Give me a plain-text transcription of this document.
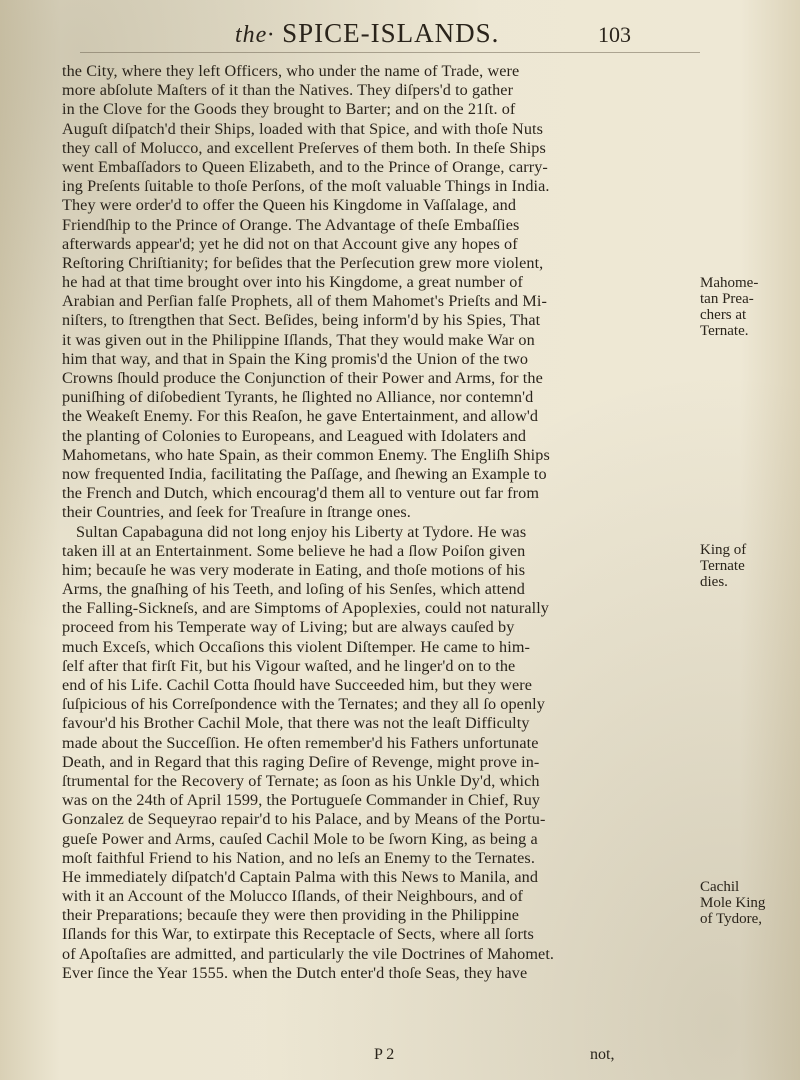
the· SPICE-ISLANDS.	103
the City, where they left Officers, who under the name of Trade, were
more abſolute Maſters of it than the Natives. They diſpers'd to gather
in the Clove for the Goods they brought to Barter; and on the 21ſt. of
Auguſt diſpatch'd their Ships, loaded with that Spice, and with thoſe Nuts
they call of Molucco, and excellent Preſerves of them both. In theſe Ships
went Embaſſadors to Queen Elizabeth, and to the Prince of Orange, carry-
ing Preſents ſuitable to thoſe Perſons, of the moſt valuable Things in India.
They were order'd to offer the Queen his Kingdome in Vaſſalage, and
Friendſhip to the Prince of Orange. The Advantage of theſe Embaſſies
afterwards appear'd; yet he did not on that Account give any hopes of
Reſtoring Chriſtianity; for beſides that the Perſecution grew more violent,
he had at that time brought over into his Kingdome, a great number of
Arabian and Perſian falſe Prophets, all of them Mahomet's Prieſts and Mi-
niſters, to ſtrengthen that Sect. Beſides, being inform'd by his Spies, That
it was given out in the Philippine Iſlands, That they would make War on
him that way, and that in Spain the King promis'd the Union of the two
Crowns ſhould produce the Conjunction of their Power and Arms, for the
puniſhing of diſobedient Tyrants, he ſlighted no Alliance, nor contemn'd
the Weakeſt Enemy. For this Reaſon, he gave Entertainment, and allow'd
the planting of Colonies to Europeans, and Leagued with Idolaters and
Mahometans, who hate Spain, as their common Enemy. The Engliſh Ships
now frequented India, facilitating the Paſſage, and ſhewing an Example to
the French and Dutch, which encourag'd them all to venture out far from
their Countries, and ſeek for Treaſure in ſtrange ones.
Sultan Capabaguna did not long enjoy his Liberty at Tydore. He was
taken ill at an Entertainment. Some believe he had a ſlow Poiſon given
him; becauſe he was very moderate in Eating, and thoſe motions of his
Arms, the gnaſhing of his Teeth, and loſing of his Senſes, which attend
the Falling-Sickneſs, and are Simptoms of Apoplexies, could not naturally
proceed from his Temperate way of Living; but are always cauſed by
much Exceſs, which Occaſions this violent Diſtemper. He came to him-
ſelf after that firſt Fit, but his Vigour waſted, and he linger'd on to the
end of his Life. Cachil Cotta ſhould have Succeeded him, but they were
ſuſpicious of his Correſpondence with the Ternates; and they all ſo openly
favour'd his Brother Cachil Mole, that there was not the leaſt Difficulty
made about the Succeſſion. He often remember'd his Fathers unfortunate
Death, and in Regard that this raging Deſire of Revenge, might prove in-
ſtrumental for the Recovery of Ternate; as ſoon as his Unkle Dy'd, which
was on the 24th of April 1599, the Portugueſe Commander in Chief, Ruy
Gonzalez de Sequeyrao repair'd to his Palace, and by Means of the Portu-
gueſe Power and Arms, cauſed Cachil Mole to be ſworn King, as being a
moſt faithful Friend to his Nation, and no leſs an Enemy to the Ternates.
He immediately diſpatch'd Captain Palma with this News to Manila, and
with it an Account of the Molucco Iſlands, of their Neighbours, and of
their Preparations; becauſe they were then providing in the Philippine
Iſlands for this War, to extirpate this Receptacle of Sects, where all ſorts
of Apoſtaſies are admitted, and particularly the vile Doctrines of Mahomet.
Ever ſince the Year 1555. when the Dutch enter'd thoſe Seas, they have
Mahome-
tan Prea-
chers at
Ternate.
King of
Ternate
dies.
Cachil
Mole King
of Tydore,
P 2	not,
